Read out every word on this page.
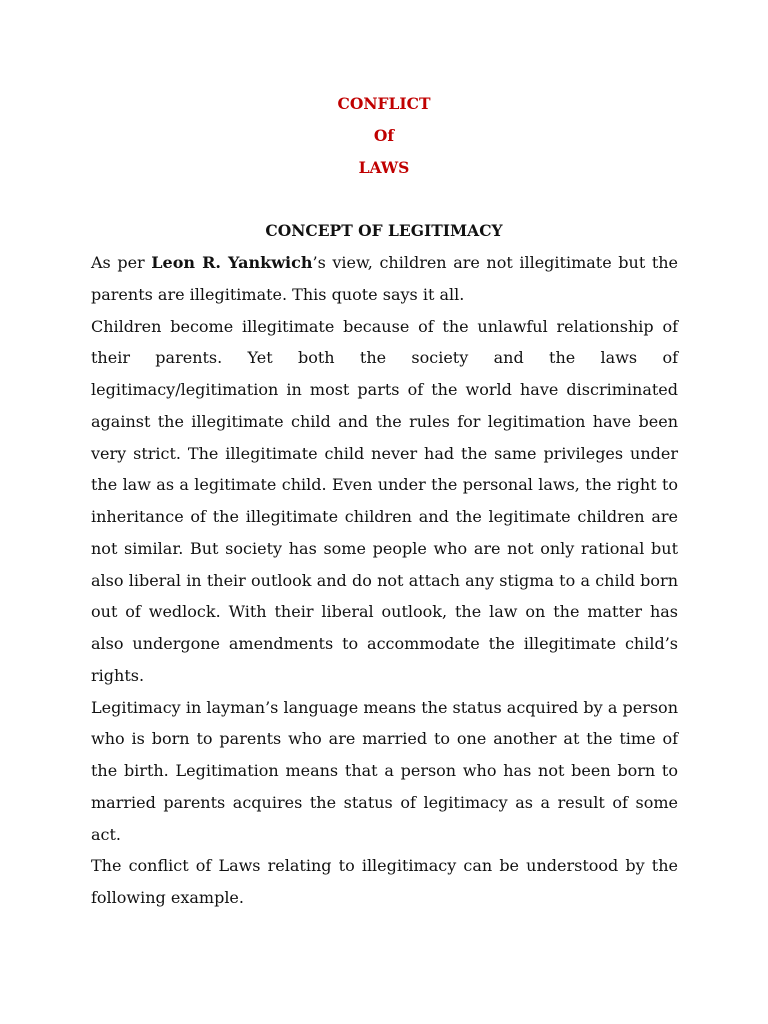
CONFLICT
Of
LAWS
CONCEPT OF LEGITIMACY

As per Leon R. Yankwich’s view, children are not illegitimate but the parents are illegitimate. This quote says it all.

Children become illegitimate because of the unlawful relationship of their parents. Yet both the society and the laws of legitimacy/legitimation in most parts of the world have discriminated against the illegitimate child and the rules for legitimation have been very strict. The illegitimate child never had the same privileges under the law as a legitimate child. Even under the personal laws, the right to inheritance of the illegitimate children and the legitimate children are not similar. But society has some people who are not only rational but also liberal in their outlook and do not attach any stigma to a child born out of wedlock. With their liberal outlook, the law on the matter has also undergone amendments to accommodate the illegitimate child’s rights.

Legitimacy in layman’s language means the status acquired by a person who is born to parents who are married to one another at the time of the birth. Legitimation means that a person who has not been born to married parents acquires the status of legitimacy as a result of some act.

The conflict of Laws relating to illegitimacy can be understood by the following example.
